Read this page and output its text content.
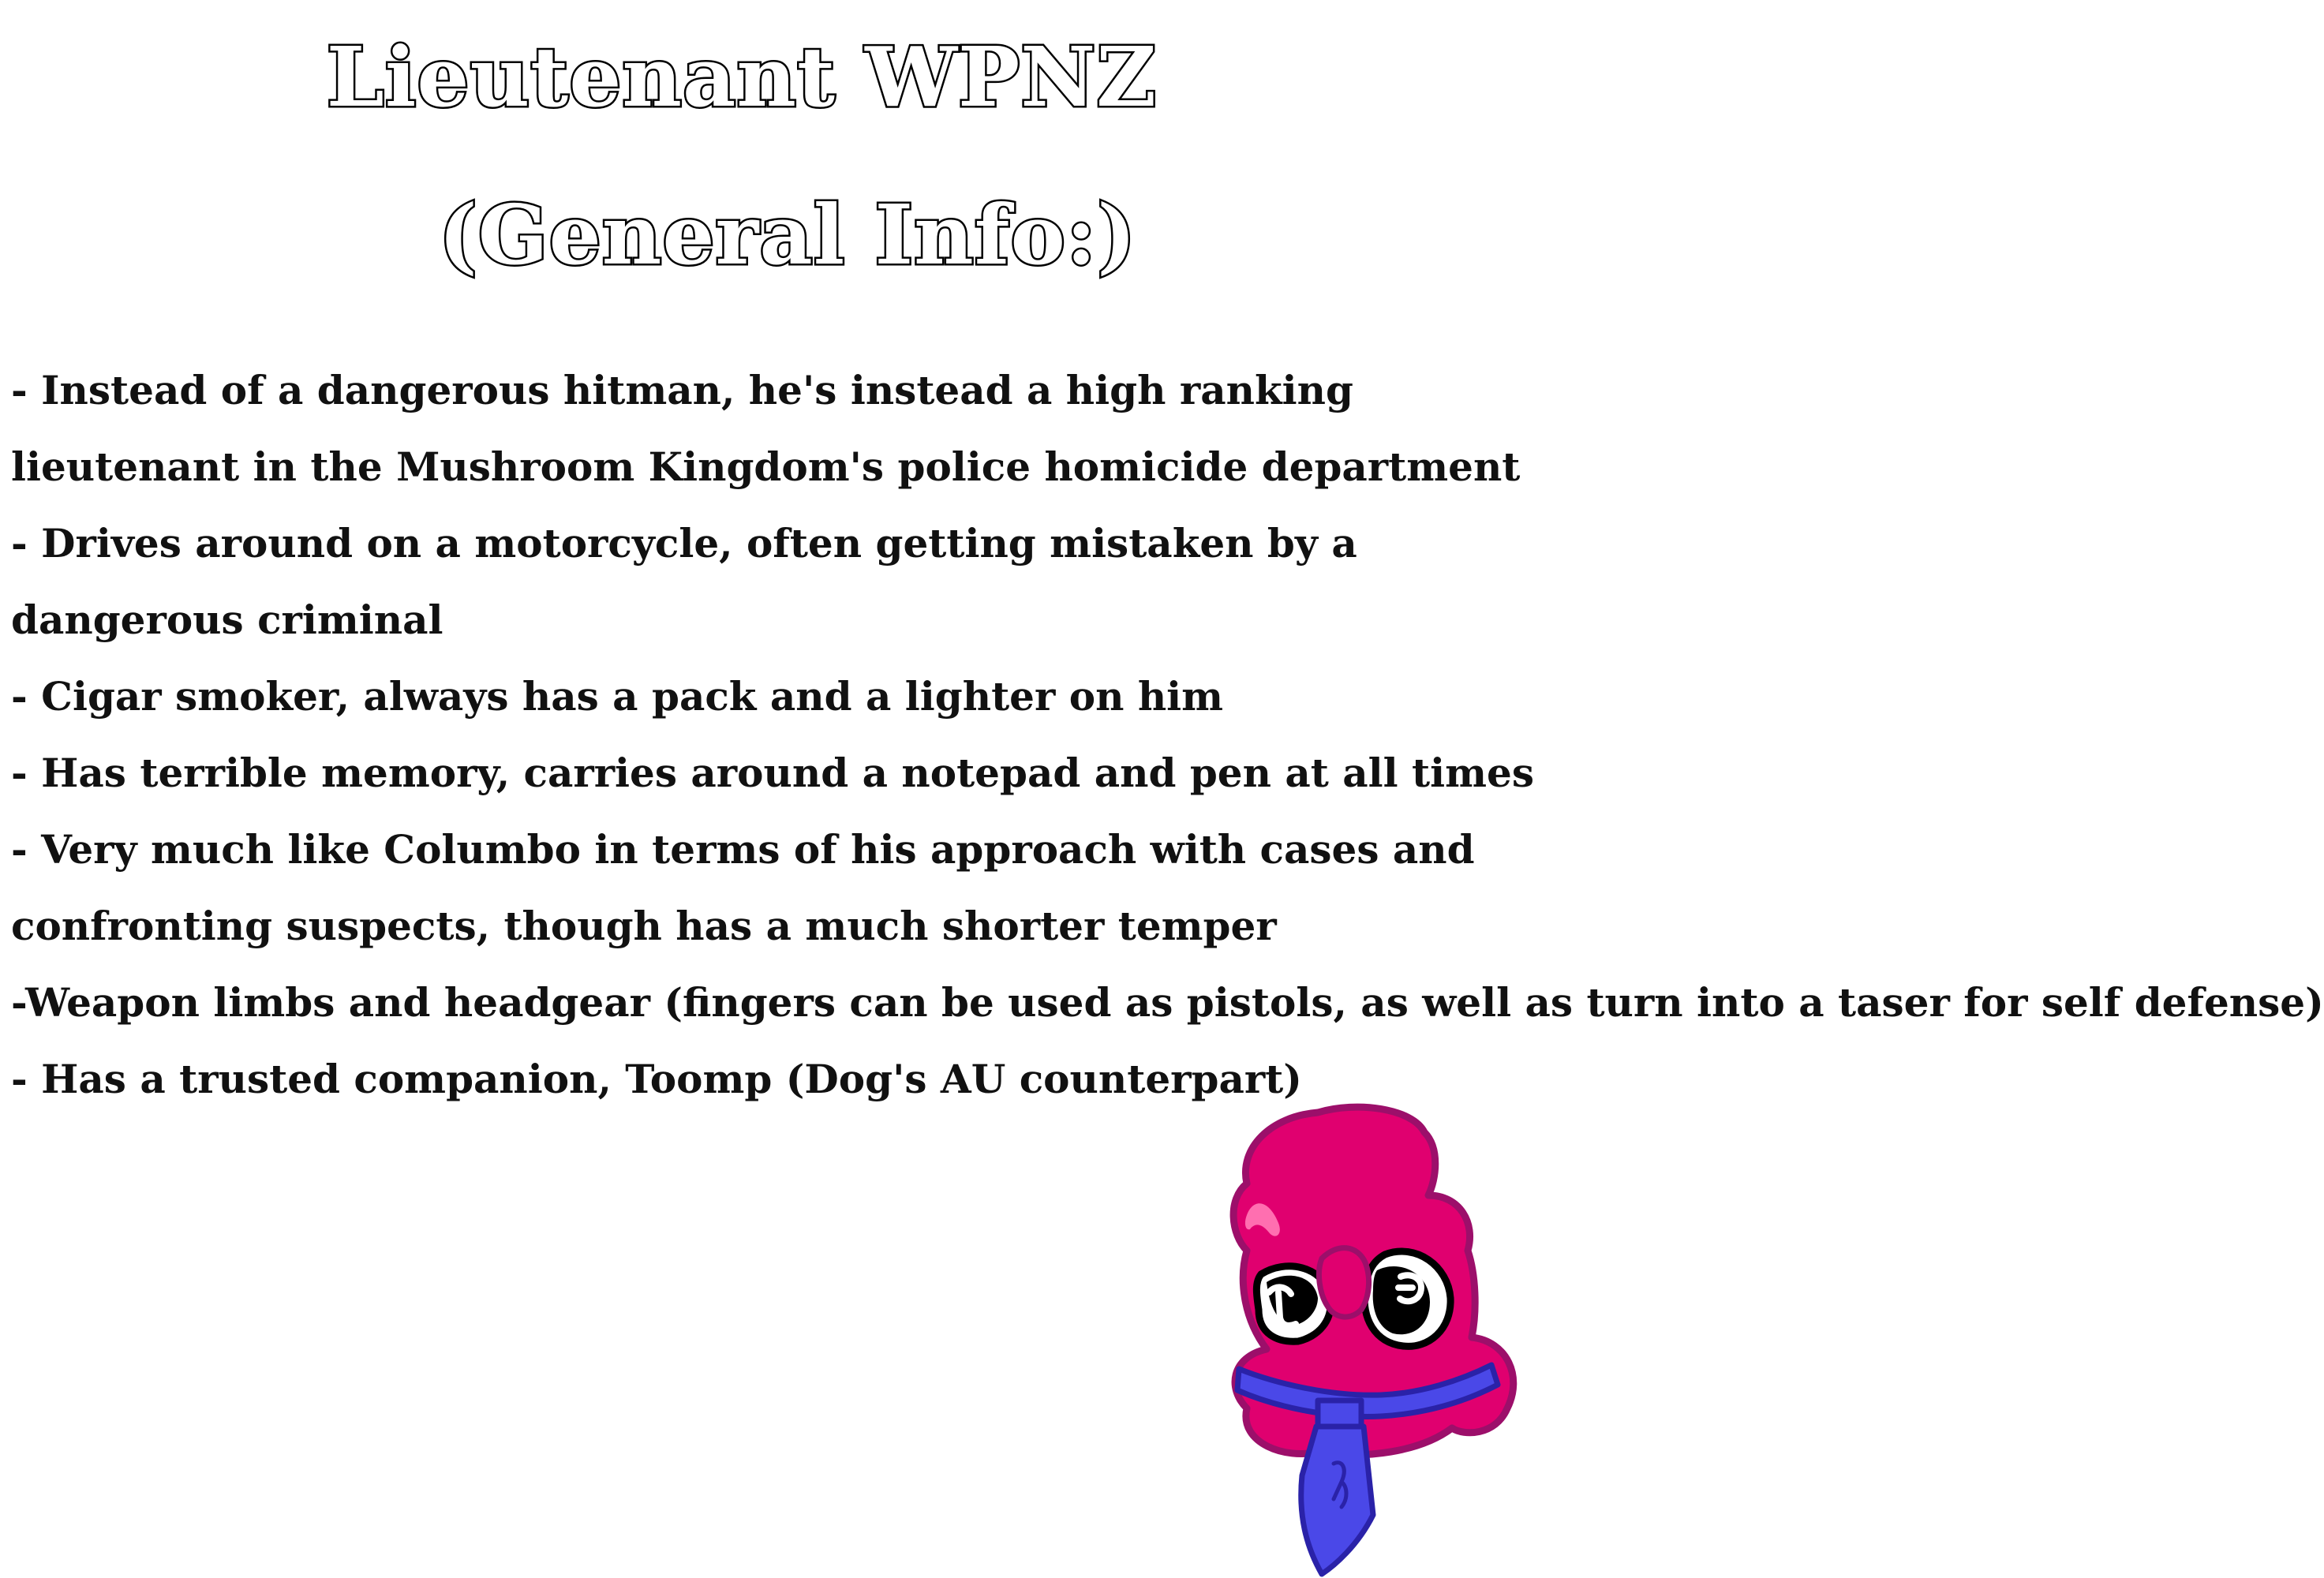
Lieutenant WPNZ
(General Info:)
- Instead of a dangerous hitman, he's instead a high ranking lieutenant in the Mushroom Kingdom's police homicide department
- Drives around on a motorcycle, often getting mistaken by a dangerous criminal
- Cigar smoker, always has a pack and a lighter on him
- Has terrible memory, carries around a notepad and pen at all times
- Very much like Columbo in terms of his approach with cases and confronting suspects, though has a much shorter temper
-Weapon limbs and headgear (fingers can be used as pistols, as well as turn into a taser for self defense)
- Has a trusted companion, Toomp (Dog's AU counterpart)
